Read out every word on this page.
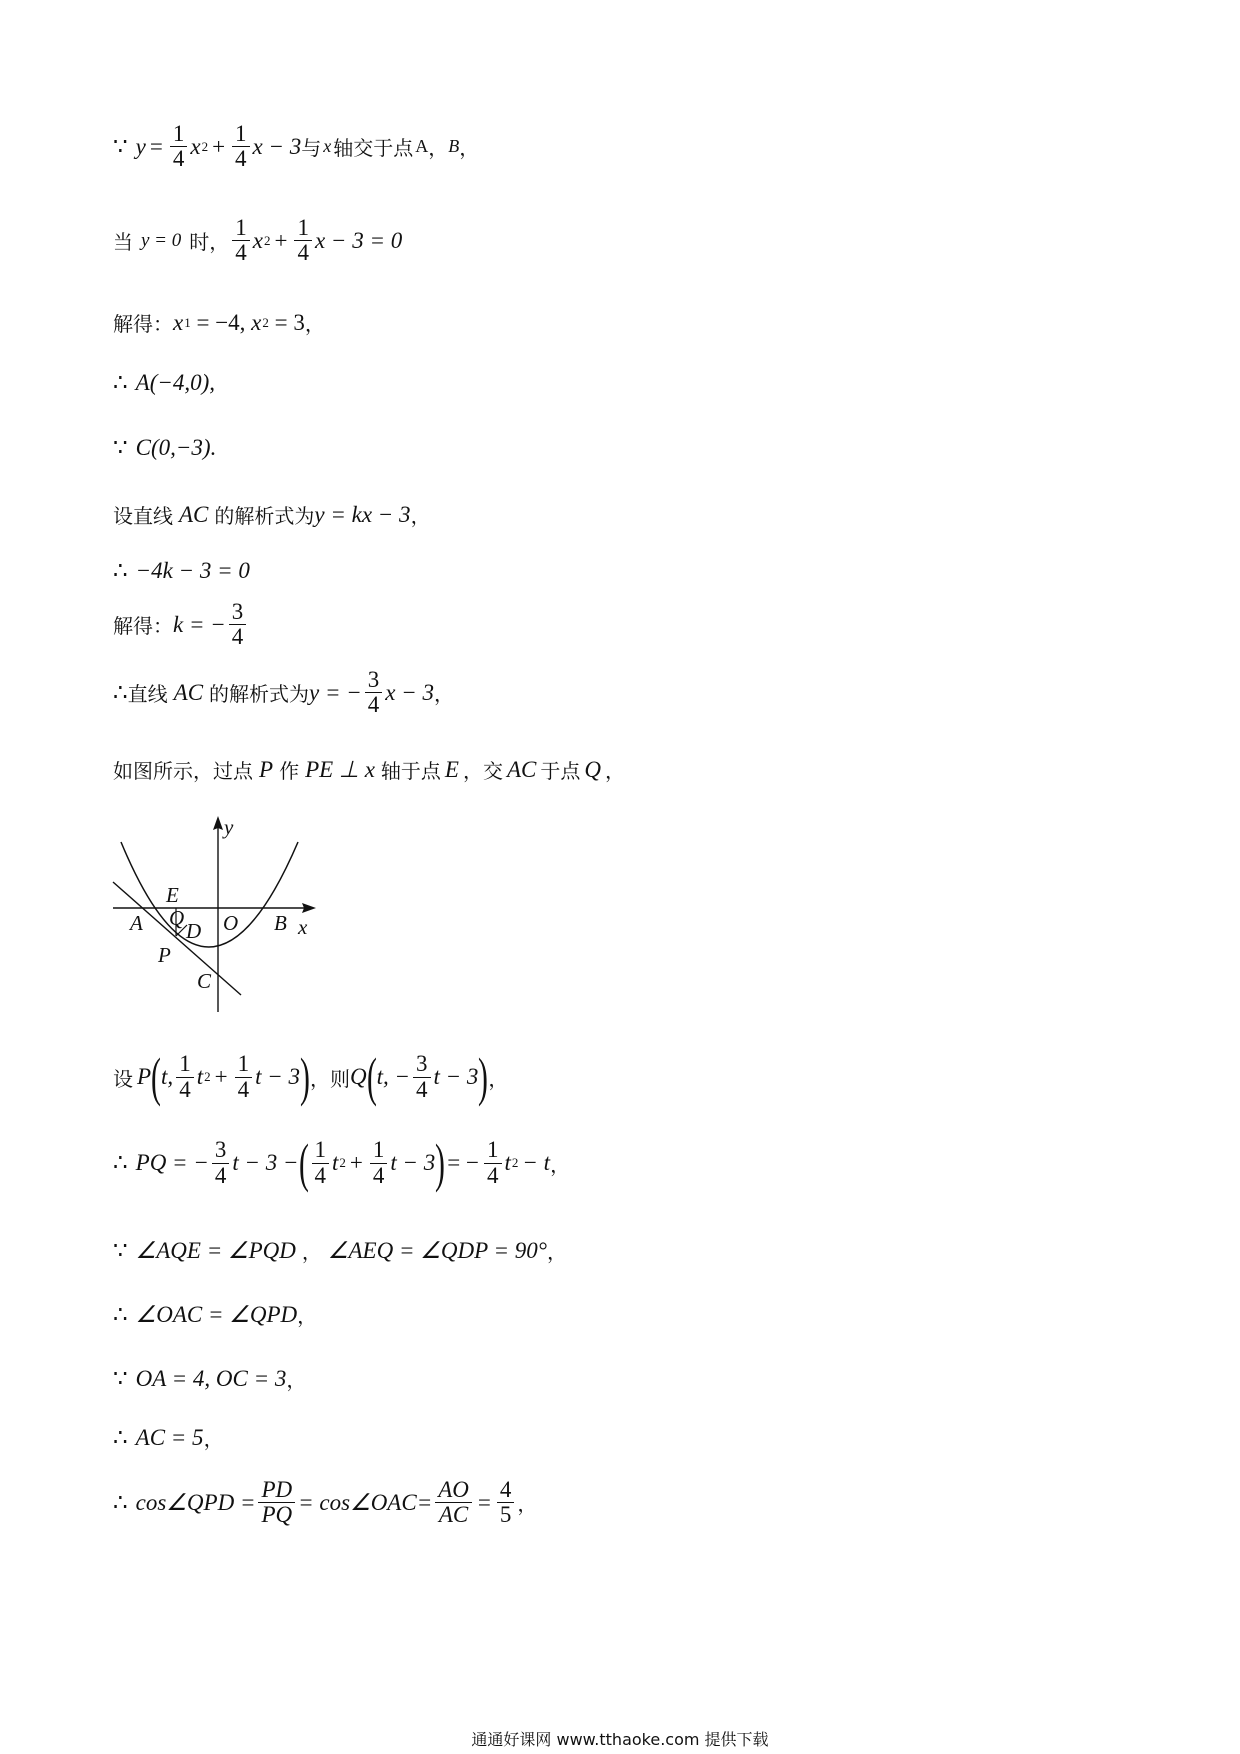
∵ $y = \frac{1}{4}$ x $2 + \frac{1}{4}$ x − 3 与 x 轴交于点 A ， B ，
当 y = 0 时， $\frac{1}{4}$ x $2 + \frac{1}{4}$ x − 3 = 0
解得： x 1 = −4, x 2 = 3 ，
∴ A(−4,0),
∵ C(0,−3).
设直线 AC 的解析式为 y = kx − 3 ，
∴ −4k − 3 = 0
解得： k = − $\frac{3}{4}$
∴ 直线 AC 的解析式为 y = − $\frac{3}{4}$ x − 3 ，
如图所示，过点 P 作 PE ⊥ x 轴于点 E ，交 AC 于点 Q ，
y
x
E
A Q
D O B
P
C
设 P ( t, $\frac{1}{4}$ t $2 + \frac{1}{4}$ t − 3 ) ，则 Q ( t, − $\frac{3}{4}$ t − 3 ) ，
∴ PQ = − $\frac{3}{4}$ t − 3 − ( $\frac{1}{4}$ t $2 + \frac{1}{4}$ t − 3 ) = − $\frac{1}{4}$ t 2 − t ，
∵ ∠AQE = ∠PQD ， ∠AEQ = ∠QDP = 90° ，
∴ ∠OAC = ∠QPD ，
∵ OA = 4, OC = 3 ，
∴ AC = 5 ，
∴ cos∠QPD = $\frac{PD}{PQ}$ = cos∠OAC= $\frac{AO}{AC} = \frac{4}{5}$ ，
通通好课网 www.tthaoke.com 提供下载
